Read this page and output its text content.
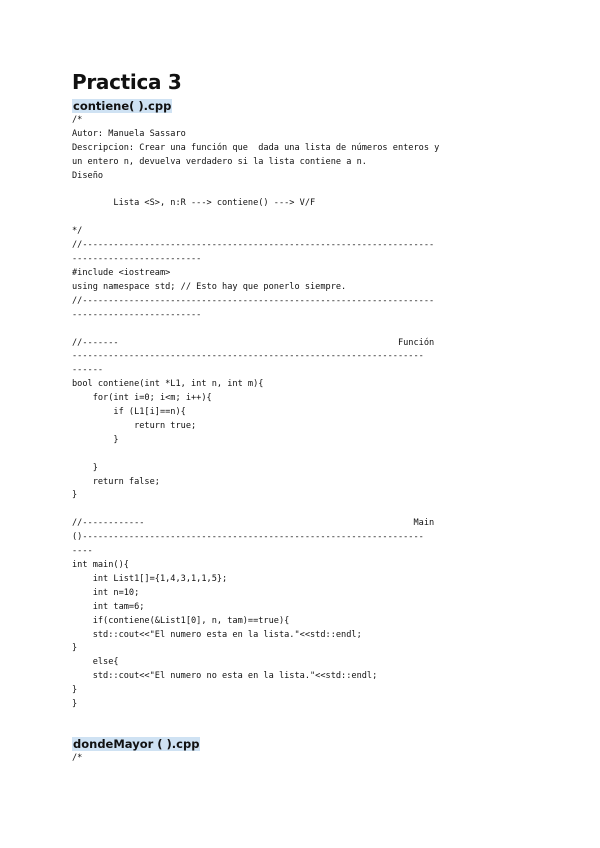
Practica 3
contiene( ).cpp
/*
Autor: Manuela Sassaro
Descripcion: Crear una función que  dada una lista de números enteros y
un entero n, devuelva verdadero si la lista contiene a n.
Diseño

Lista <S>, n:R ---> contiene() ---> V/F

*/
//--------------------------------------------------------------------
-------------------------
#include <iostream>
using namespace std; // Esto hay que ponerlo siempre.
//--------------------------------------------------------------------
-------------------------

//-------                                                      Función
--------------------------------------------------------------------
------
bool contiene(int *L1, int n, int m){
for(int i=0; i<m; i++){
if (L1[i]==n){
return true;
}

}
return false;
}

//------------                                                    Main
()------------------------------------------------------------------
----
int main(){
int List1[]={1,4,3,1,1,5};
int n=10;
int tam=6;
if(contiene(&List1[0], n, tam)==true){
std::cout<<"El numero esta en la lista."<<std::endl;
}
else{
std::cout<<"El numero no esta en la lista."<<std::endl;
}
}
dondeMayor ( ).cpp
/*
